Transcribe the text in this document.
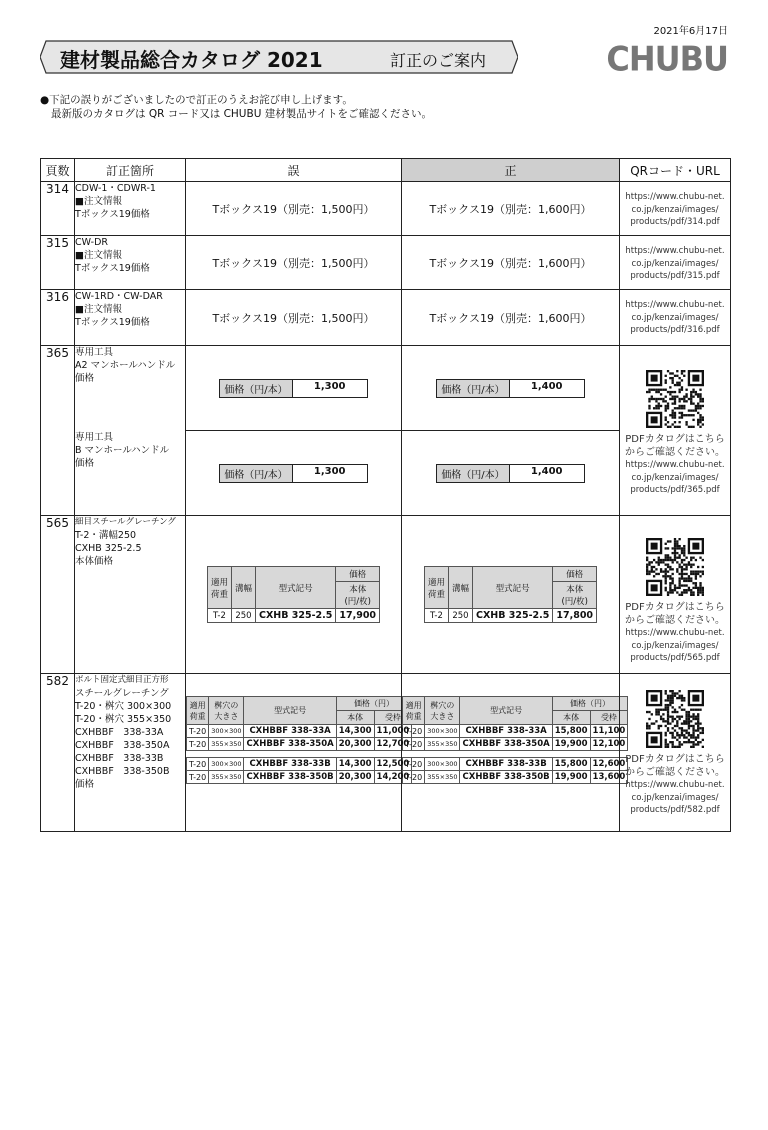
2021年6月17日
CHUBU
建材製品総合カタログ 2021	訂正のご案内
●下記の誤りがございましたので訂正のうえお詫び申し上げます。
最新版のカタログは QR コード又は CHUBU 建材製品サイトをご確認ください。
頁数	訂正箇所	誤	正	QRコード・URL
314	CDW-1・CDWR-1
■注文情報
Tボックス19価格	Tボックス19（別売：1,500円）	Tボックス19（別売：1,600円）	
https://www.chubu-net.
co.jp/kenzai/images/
products/pdf/314.pdf

315	CW-DR
■注文情報
Tボックス19価格	Tボックス19（別売：1,500円）	Tボックス19（別売：1,600円）	
https://www.chubu-net.
co.jp/kenzai/images/
products/pdf/315.pdf

316	CW-1RD・CW-DAR
■注文情報
Tボックス19価格	Tボックス19（別売：1,500円）	Tボックス19（別売：1,600円）	
https://www.chubu-net.
co.jp/kenzai/images/
products/pdf/316.pdf

365	専用工具
A2 マンホールハンドル
価格

価格（円/本）	1,300	価格（円/本）	1,400

PDFカタログはこちら
からご確認ください。
https://www.chubu-net.
co.jp/kenzai/images/
products/pdf/365.pdf

専用工具
B マンホールハンドル
価格

価格（円/本）	1,300	価格（円/本）	1,400

565	細目スチールグレーチング
T-2・溝幅250
CXHB 325-2.5
本体価格

適用
荷重	溝幅	型式記号	価格
本体
(円/枚)
T-2	250	CXHB 325-2.5	17,900

適用
荷重	溝幅	型式記号	価格
本体
(円/枚)
T-2	250	CXHB 325-2.5	17,800

PDFカタログはこちら
からご確認ください。
https://www.chubu-net.
co.jp/kenzai/images/
products/pdf/565.pdf

582	ボルト固定式細目正方形
スチールグレーチング
T-20・桝穴 300×300
T-20・桝穴 355×350
CXHBBF　338-33A
CXHBBF　338-350A
CXHBBF　338-33B
CXHBBF　338-350B
価格

適用
荷重	桝穴の
大きさ	型式記号	価格（円）
本体	受枠
T-20	300×300	CXHBBF 338-33A	14,300	11,000
T-20	355×350	CXHBBF 338-350A	20,300	12,700

T-20	300×300	CXHBBF 338-33B	14,300	12,500
T-20	355×350	CXHBBF 338-350B	20,300	14,200

適用
荷重	桝穴の
大きさ	型式記号	価格（円）
本体	受枠
T-20	300×300	CXHBBF 338-33A	15,800	11,100
T-20	355×350	CXHBBF 338-350A	19,900	12,100

T-20	300×300	CXHBBF 338-33B	15,800	12,600
T-20	355×350	CXHBBF 338-350B	19,900	13,600

PDFカタログはこちら
からご確認ください。
https://www.chubu-net.
co.jp/kenzai/images/
products/pdf/582.pdf
